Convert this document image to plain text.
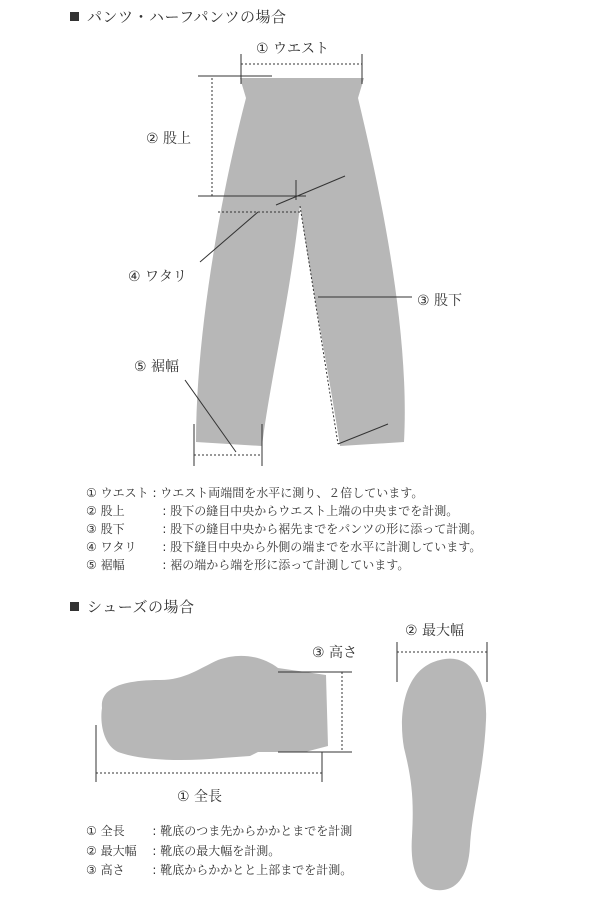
パンツ・ハーフパンツの場合
① ウエスト
② 股上
④ ワタリ
③ 股下
⑤ 裾幅
① ウエスト : ウエスト両端間を水平に測り、２倍しています。
② 股上	: 股下の縫目中央からウエスト上端の中央までを計測。
③ 股下	: 股下の縫目中央から裾先までをパンツの形に添って計測。
④ ワタリ : 股下縫目中央から外側の端までを水平に計測しています。
⑤ 裾幅	: 裾の端から端を形に添って計測しています。
シューズの場合
② 最大幅
③ 高さ
① 全長
① 全長 : 靴底のつま先からかかとまでを計測
② 最大幅 : 靴底の最大幅を計測。
③ 高さ : 靴底からかかとと上部までを計測。
